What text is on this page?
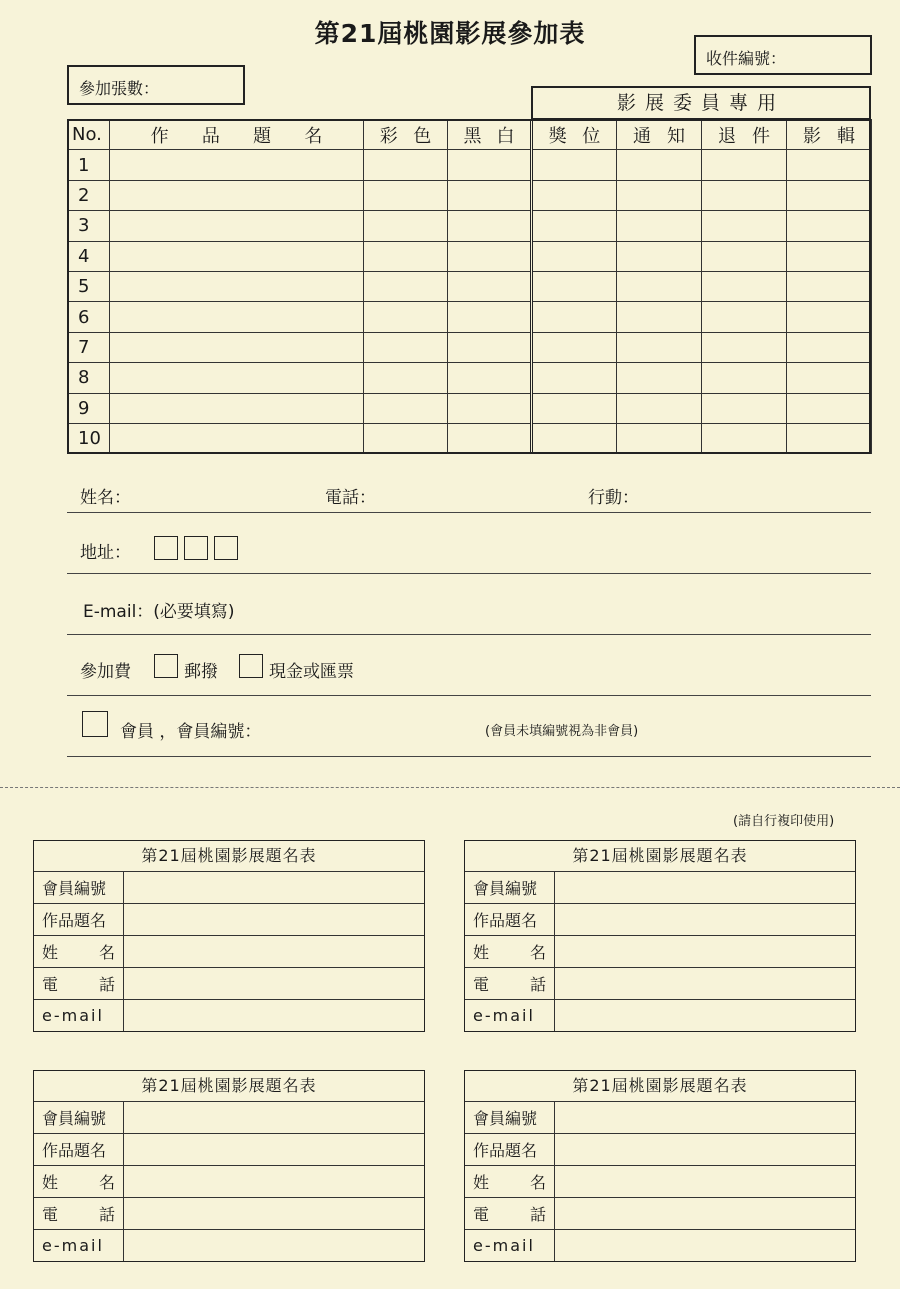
第21屆桃園影展參加表
收件編號：
參加張數：
影展委員專用
No.	作 品 題 名	彩 色	黑 白	獎 位	通 知	退 件	影 輯

1							
2							
3							
4							
5							
6							
7							
8							
9							
10							
姓名：	電話：	行動：
地址：
E-mail：(必要填寫)
參加費	郵撥	現金或匯票
會員 ，會員編號：	(會員未填編號視為非會員)
(請自行複印使用)
第21屆桃園影展題名表
會員編號
作品題名
姓	名
電	話
e-mail
第21屆桃園影展題名表
會員編號
作品題名
姓	名
電	話
e-mail
第21屆桃園影展題名表
會員編號
作品題名
姓	名
電	話
e-mail
第21屆桃園影展題名表
會員編號
作品題名
姓	名
電	話
e-mail
